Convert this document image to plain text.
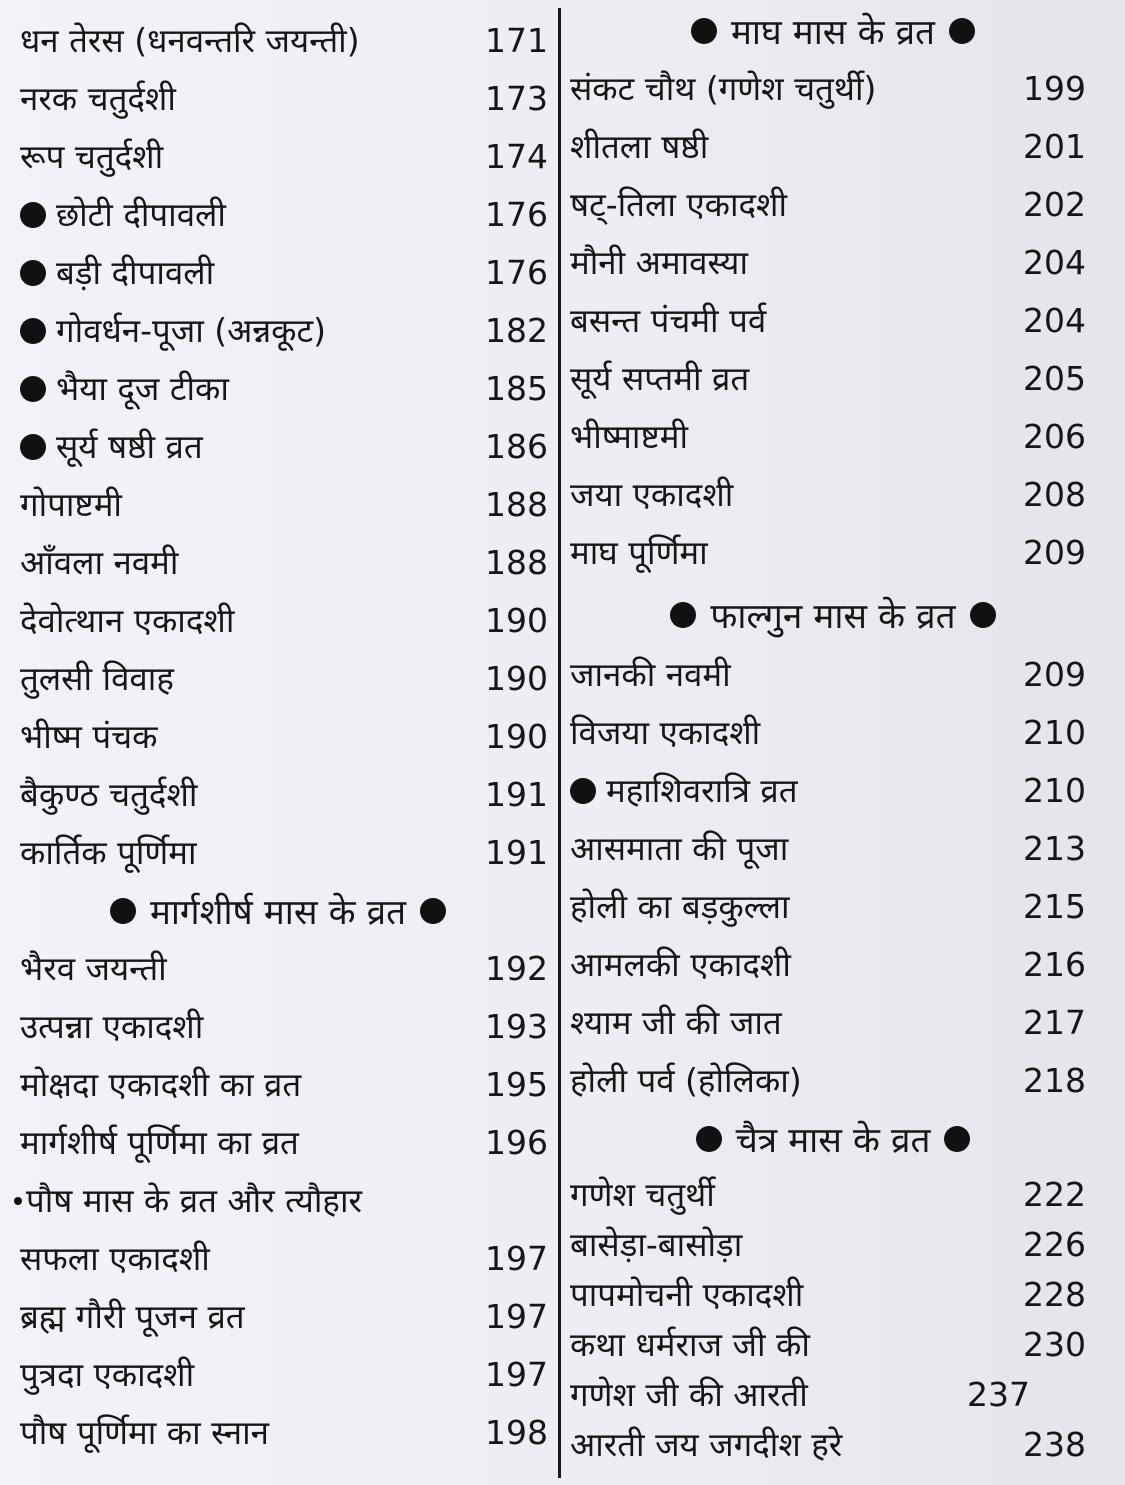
धन तेरस (धनवन्तरि जयन्ती)	171
नरक चतुर्दशी	173
रूप चतुर्दशी	174
छोटी दीपावली	176
बड़ी दीपावली	176
गोवर्धन-पूजा (अन्नकूट)	182
भैया दूज टीका	185
सूर्य षष्ठी व्रत	186
गोपाष्टमी	188
आँवला नवमी	188
देवोत्थान एकादशी	190
तुलसी विवाह	190
भीष्म पंचक	190
बैकुण्ठ चतुर्दशी	191
कार्तिक पूर्णिमा	191
मार्गशीर्ष मास के व्रत
भैरव जयन्ती	192
उत्पन्ना एकादशी	193
मोक्षदा एकादशी का व्रत	195
मार्गशीर्ष पूर्णिमा का व्रत	196
पौष मास के व्रत और त्यौहार
सफला एकादशी	197
ब्रह्म गौरी पूजन व्रत	197
पुत्रदा एकादशी	197
पौष पूर्णिमा का स्नान	198
माघ मास के व्रत
संकट चौथ (गणेश चतुर्थी)	199
शीतला षष्ठी	201
षट्-तिला एकादशी	202
मौनी अमावस्या	204
बसन्त पंचमी पर्व	204
सूर्य सप्तमी व्रत	205
भीष्माष्टमी	206
जया एकादशी	208
माघ पूर्णिमा	209
फाल्गुन मास के व्रत
जानकी नवमी	209
विजया एकादशी	210
महाशिवरात्रि व्रत	210
आसमाता की पूजा	213
होली का बड़कुल्ला	215
आमलकी एकादशी	216
श्याम जी की जात	217
होली पर्व (होलिका)	218
चैत्र मास के व्रत
गणेश चतुर्थी	222
बासेड़ा-बासोड़ा	226
पापमोचनी एकादशी	228
कथा धर्मराज जी की	230
गणेश जी की आरती	237
आरती जय जगदीश हरे	238
